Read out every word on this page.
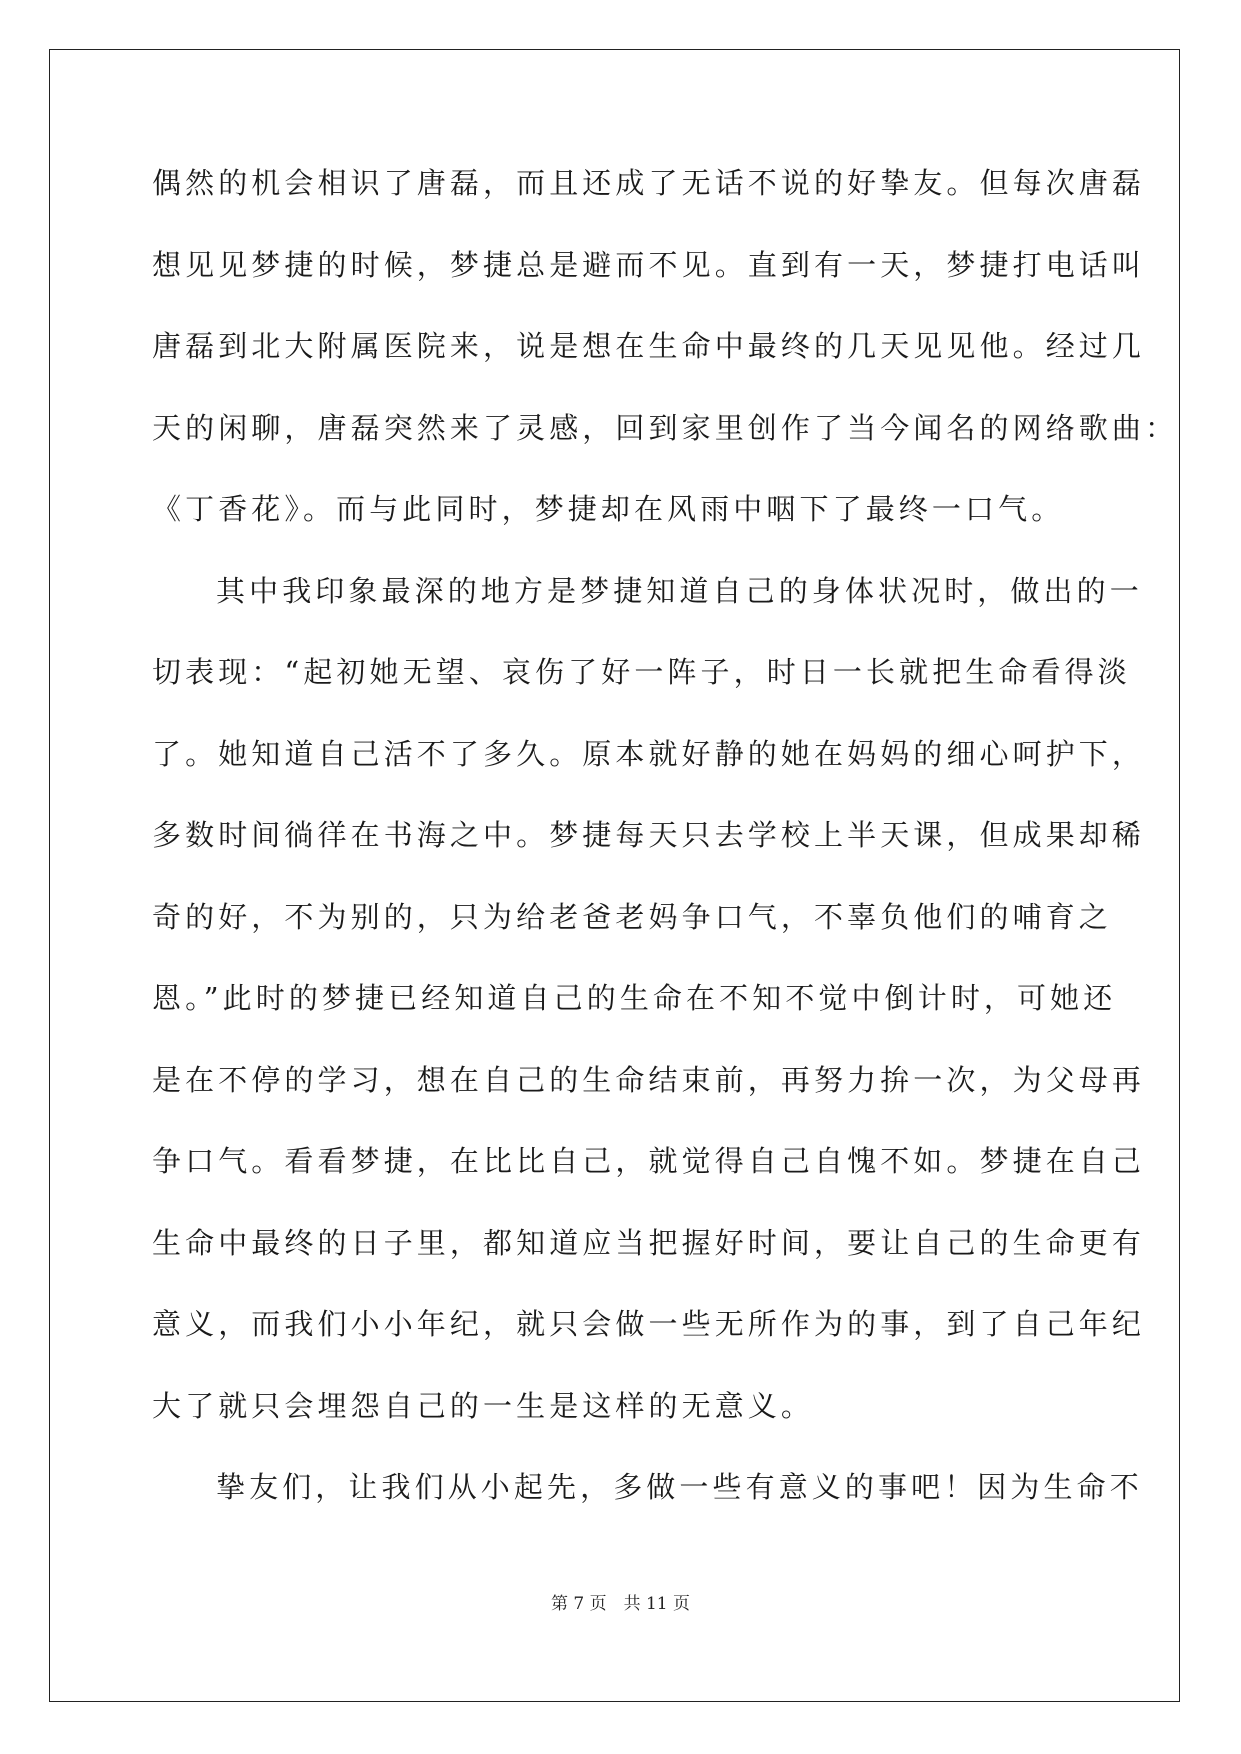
偶然的机会相识了唐磊，而且还成了无话不说的好挚友。但每次唐磊
想见见梦捷的时候，梦捷总是避而不见。直到有一天，梦捷打电话叫
唐磊到北大附属医院来，说是想在生命中最终的几天见见他。经过几
天的闲聊，唐磊突然来了灵感，回到家里创作了当今闻名的网络歌曲：
《丁香花》。而与此同时，梦捷却在风雨中咽下了最终一口气。
其中我印象最深的地方是梦捷知道自己的身体状况时，做出的一
切表现：“起初她无望、哀伤了好一阵子，时日一长就把生命看得淡
了。她知道自己活不了多久。原本就好静的她在妈妈的细心呵护下，
多数时间徜徉在书海之中。梦捷每天只去学校上半天课，但成果却稀
奇的好，不为别的，只为给老爸老妈争口气，不辜负他们的哺育之
恩。”此时的梦捷已经知道自己的生命在不知不觉中倒计时，可她还
是在不停的学习，想在自己的生命结束前，再努力拚一次，为父母再
争口气。看看梦捷，在比比自己，就觉得自己自愧不如。梦捷在自己
生命中最终的日子里，都知道应当把握好时间，要让自己的生命更有
意义，而我们小小年纪，就只会做一些无所作为的事，到了自己年纪
大了就只会埋怨自己的一生是这样的无意义。
挚友们，让我们从小起先，多做一些有意义的事吧！因为生命不
第 7 页　共 11 页
